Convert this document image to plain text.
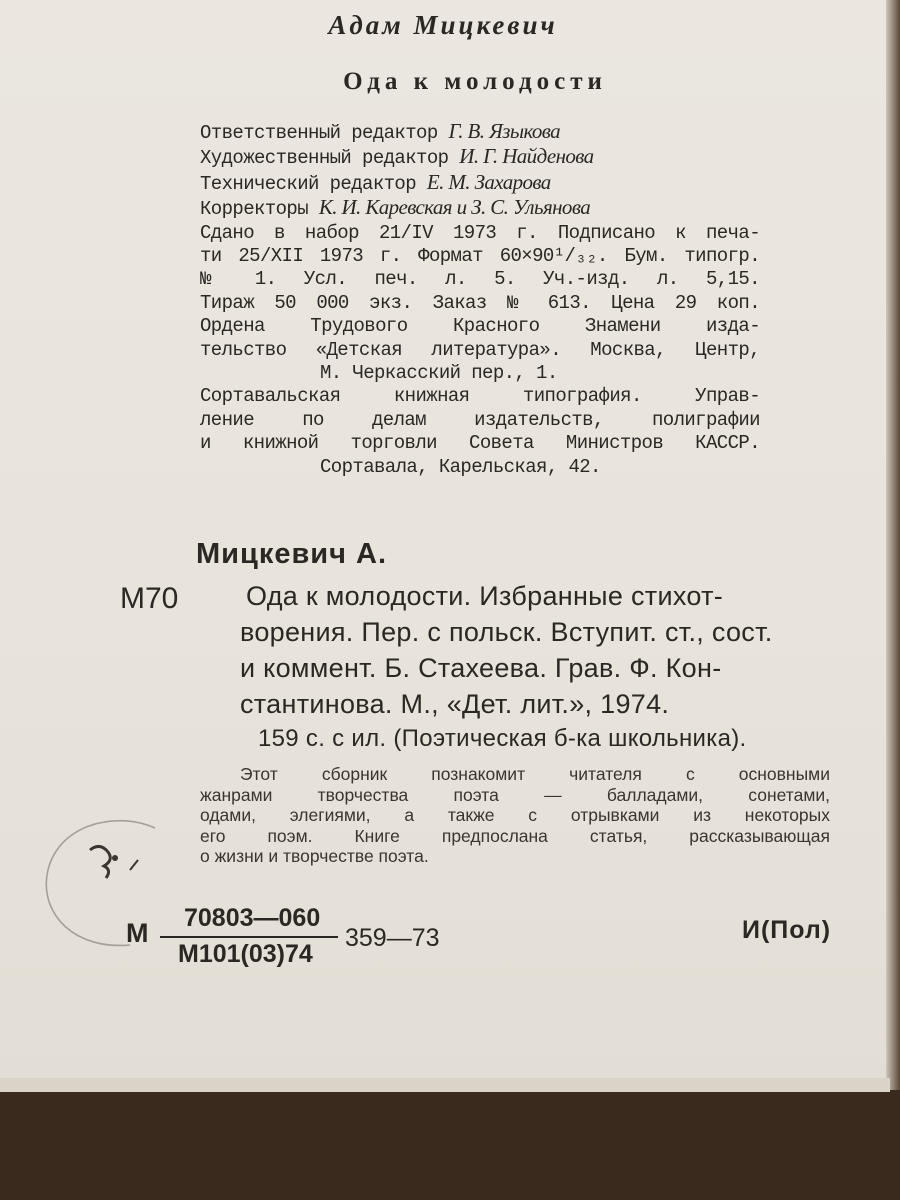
Адам Мицкевич
Ода к молодости
Ответственный редактор Г. В. Языкова
Художественный редактор И. Г. Найденова
Технический редактор Е. М. Захарова
Корректоры К. И. Каревская и З. С. Ульянова
Сдано в набор 21/IV 1973 г. Подписано к печа-
ти 25/XII 1973 г. Формат 60×90¹/₃₂. Бум. типогр.
№ 1. Усл. печ. л. 5. Уч.-изд. л. 5,15.
Тираж 50 000 экз. Заказ № 613. Цена 29 коп.
Ордена Трудового Красного Знамени изда-
тельство «Детская литература». Москва, Центр,
М. Черкасский пер., 1.
Сортавальская книжная типография. Управ-
ление по делам издательств, полиграфии
и книжной торговли Совета Министров КАССР.
Сортавала, Карельская, 42.
Мицкевич А.
М70	Ода к молодости. Избранные стихот-
ворения. Пер. с польск. Вступит. ст., сост.
и коммент. Б. Стахеева. Грав. Ф. Кон-
стантинова. М., «Дет. лит.», 1974.
159 с. с ил. (Поэтическая б-ка школьника).
Этот сборник познакомит читателя с основными
жанрами творчества поэта — балладами, сонетами,
одами, элегиями, а также с отрывками из некоторых
его поэм. Книге предпослана статья, рассказывающая
о жизни и творчестве поэта.
М 70803—060
М101(03)74
359—73	И(Пол)
